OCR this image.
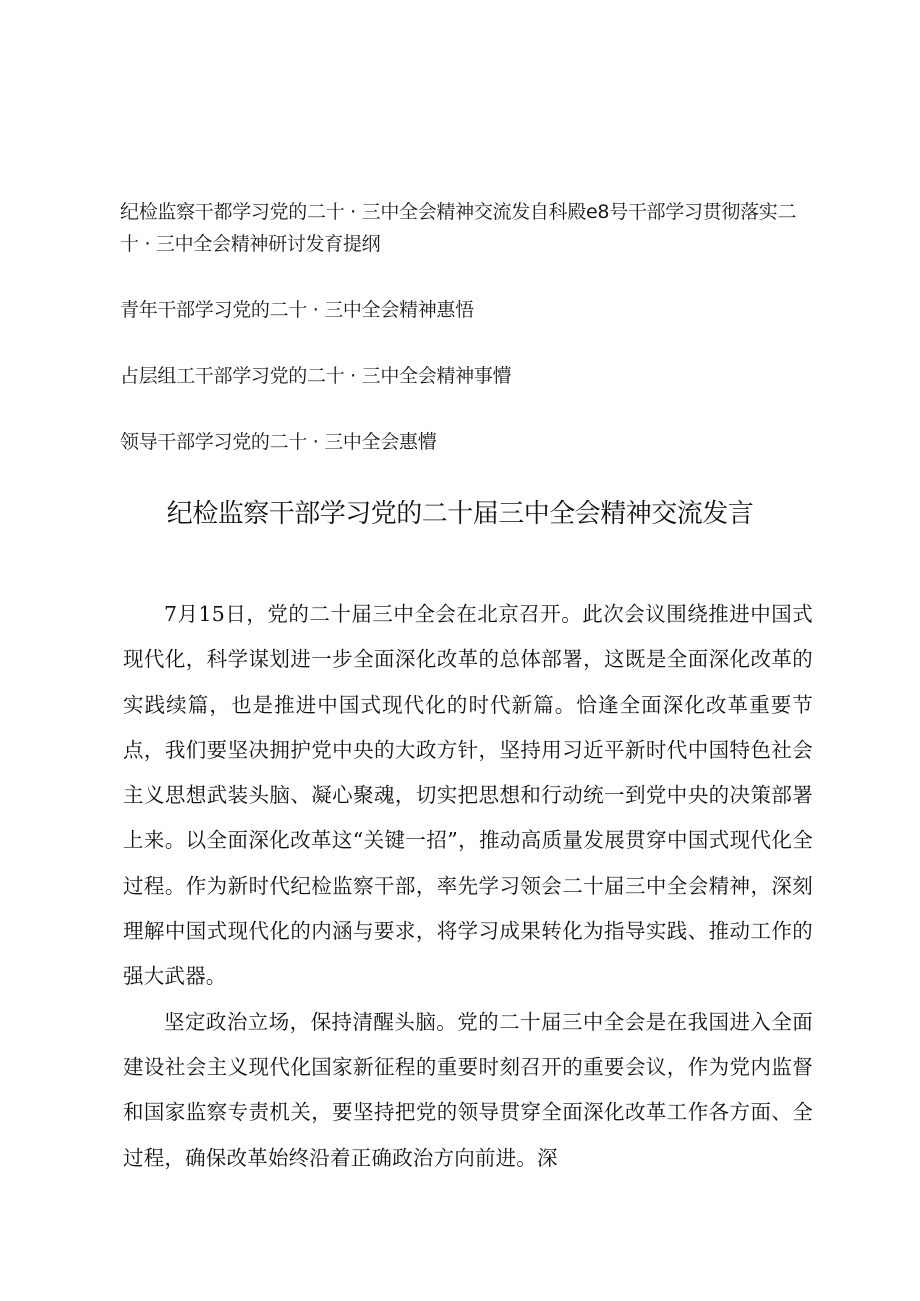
纪检监察干都学习党的二十 · 三中全会精神交流发自科殿e8号干部学习贯彻落实二十 · 三中全会精神研讨发育提纲

青年干部学习党的二十 · 三中全会精神惠悟

占层组工干部学习党的二十 · 三中全会精神事懵

领导干部学习党的二十 · 三中全会惠懵

纪检监察干部学习党的二十届三中全会精神交流发言

7月15日，党的二十届三中全会在北京召开。此次会议围绕推进中国式现代化，科学谋划进一步全面深化改革的总体部署，这既是全面深化改革的实践续篇，也是推进中国式现代化的时代新篇。恰逢全面深化改革重要节点，我们要坚决拥护党中央的大政方针，坚持用习近平新时代中国特色社会主义思想武装头脑、凝心聚魂，切实把思想和行动统一到党中央的决策部署上来。以全面深化改革这“关键一招”，推动高质量发展贯穿中国式现代化全过程。作为新时代纪检监察干部，率先学习领会二十届三中全会精神，深刻理解中国式现代化的内涵与要求，将学习成果转化为指导实践、推动工作的强大武器。

坚定政治立场，保持清醒头脑。党的二十届三中全会是在我国进入全面建设社会主义现代化国家新征程的重要时刻召开的重要会议，作为党内监督和国家监察专责机关，要坚持把党的领导贯穿全面深化改革工作各方面、全过程，确保改革始终沿着正确政治方向前进。深
